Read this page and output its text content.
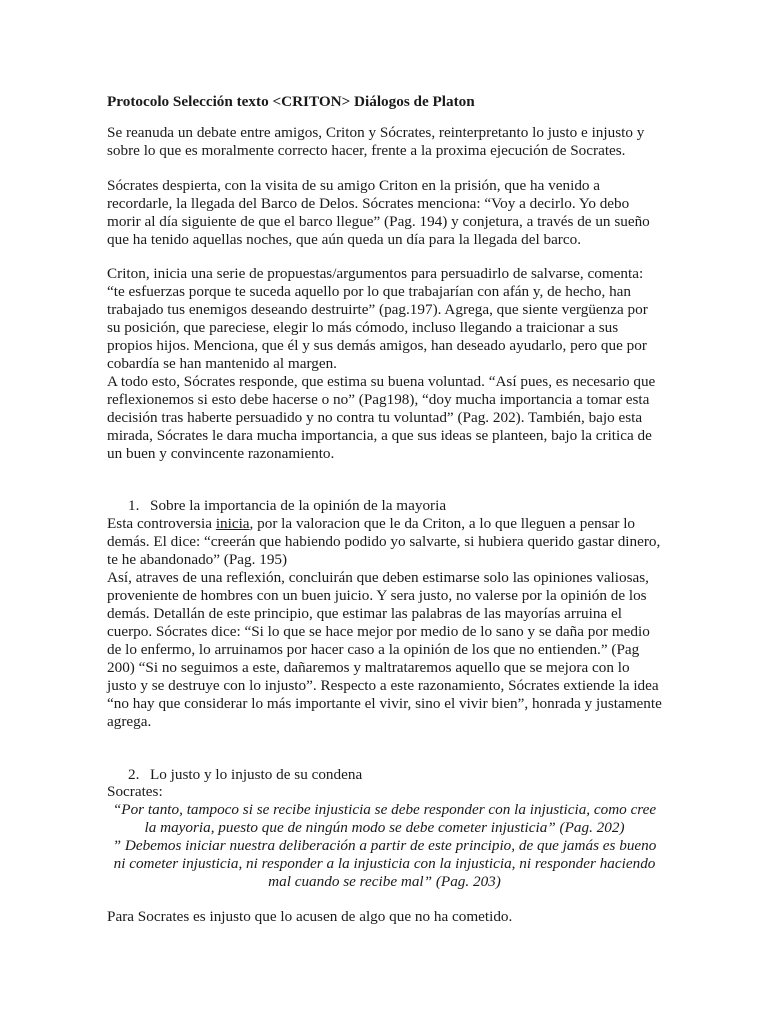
Protocolo Selección texto <CRITON> Diálogos de Platon

Se reanuda un debate entre amigos, Criton y Sócrates, reinterpretanto lo justo e injusto y sobre lo que es moralmente correcto hacer, frente a la proxima ejecución de Socrates.

Sócrates despierta, con la visita de su amigo Criton en la prisión, que ha venido a recordarle, la llegada del Barco de Delos. Sócrates menciona: “Voy a decirlo. Yo debo morir al día siguiente de que el barco llegue” (Pag. 194) y conjetura, a través de un sueño que ha tenido aquellas noches, que aún queda un día para la llegada del barco.

Criton, inicia una serie de propuestas/argumentos para persuadirlo de salvarse, comenta: “te esfuerzas porque te suceda aquello por lo que trabajarían con afán y, de hecho, han trabajado tus enemigos deseando destruirte” (pag.197). Agrega, que siente vergüenza por su posición, que pareciese, elegir lo más cómodo, incluso llegando a traicionar a sus propios hijos. Menciona, que él y sus demás amigos, han deseado ayudarlo, pero que por cobardía se han mantenido al margen.

A todo esto, Sócrates responde, que estima su buena voluntad. “Así pues, es necesario que reflexionemos si esto debe hacerse o no” (Pag198), “doy mucha importancia a tomar esta decisión tras haberte persuadido y no contra tu voluntad” (Pag. 202). También, bajo esta mirada, Sócrates le dara mucha importancia, a que sus ideas se planteen, bajo la critica de un buen y convincente razonamiento.

1. Sobre la importancia de la opinión de la mayoria

Esta controversia inicia, por la valoracion que le da Criton, a lo que lleguen a pensar lo demás. El dice: “creerán que habiendo podido yo salvarte, si hubiera querido gastar dinero, te he abandonado” (Pag. 195)

Así, atraves de una reflexión, concluirán que deben estimarse solo las opiniones valiosas, proveniente de hombres con un buen juicio. Y sera justo, no valerse por la opinión de los demás. Detallán de este principio, que estimar las palabras de las mayorías arruina el cuerpo. Sócrates dice: “Si lo que se hace mejor por medio de lo sano y se daña por medio de lo enfermo, lo arruinamos por hacer caso a la opinión de los que no entienden.” (Pag 200) “Si no seguimos a este, dañaremos y maltrataremos aquello que se mejora con lo justo y se destruye con lo injusto”. Respecto a este razonamiento, Sócrates extiende la idea “no hay que considerar lo más importante el vivir, sino el vivir bien”, honrada y justamente agrega.

2. Lo justo y lo injusto de su condena

Socrates:

“Por tanto, tampoco si se recibe injusticia se debe responder con la injusticia, como cree la mayoria, puesto que de ningún modo se debe cometer injusticia” (Pag. 202)

” Debemos iniciar nuestra deliberación a partir de este principio, de que jamás es bueno ni cometer injusticia, ni responder a la injusticia con la injusticia, ni responder haciendo mal cuando se recibe mal” (Pag. 203)

Para Socrates es injusto que lo acusen de algo que no ha cometido.
